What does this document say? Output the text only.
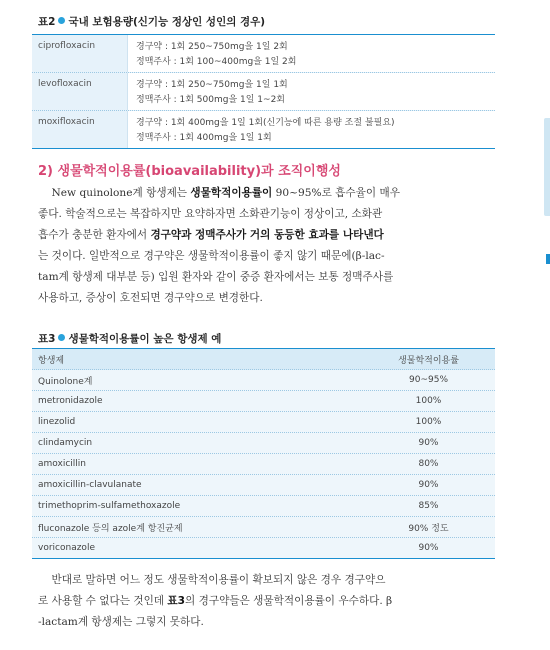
표2 국내 보험용량(신기능 정상인 성인의 경우)
ciprofloxacin	경구약 : 1회 250~750mg을 1일 2회
정맥주사 : 1회 100~400mg을 1일 2회
levofloxacin	경구약 : 1회 250~750mg을 1일 1회
정맥주사 : 1회 500mg을 1일 1~2회
moxifloxacin	경구약 : 1회 400mg을 1일 1회(신기능에 따른 용량 조절 불필요)
정맥주사 : 1회 400mg을 1일 1회
2) 생물학적이용률(bioavailability)과 조직이행성
New quinolone계 항생제는 생물학적이용률이 90~95%로 흡수율이 매우
좋다. 학술적으로는 복잡하지만 요약하자면 소화관기능이 정상이고, 소화관
흡수가 충분한 환자에서 경구약과 정맥주사가 거의 동등한 효과를 나타낸다
는 것이다. 일반적으로 경구약은 생물학적이용률이 좋지 않기 때문에(β-lac-
tam계 항생제 대부분 등) 입원 환자와 같이 중증 환자에서는 보통 정맥주사를
사용하고, 증상이 호전되면 경구약으로 변경한다.
표3 생물학적이용률이 높은 항생제 예
항생제	생물학적이용률
Quinolone계	90~95%
metronidazole	100%
linezolid	100%
clindamycin	90%
amoxicillin	80%
amoxicillin-clavulanate	90%
trimethoprim-sulfamethoxazole	85%
fluconazole 등의 azole계 항진균제	90% 정도
voriconazole	90%
반대로 말하면 어느 정도 생물학적이용률이 확보되지 않은 경우 경구약으
로 사용할 수 없다는 것인데 표3의 경구약들은 생물학적이용률이 우수하다. β
-lactam계 항생제는 그렇지 못하다.
